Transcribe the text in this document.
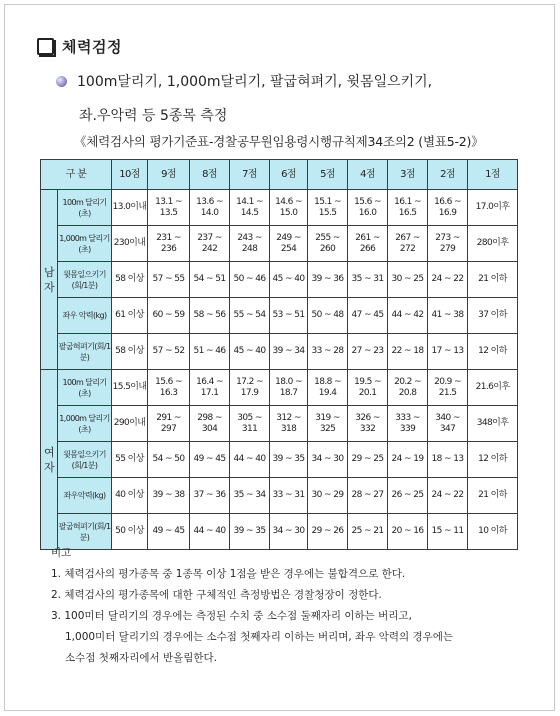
체력검정
100m달리기, 1,000m달리기, 팔굽혀펴기, 윗몸일으키기,
좌.우악력 등 5종목 측정
《체력검사의 평가기준표-경찰공무원임용령시행규칙제34조의2 (별표5-2)》
구 분		10점	9점	8점	7점	6점	5점	4점	3점	2점	1점
남
자	100m 달리기(초)	13.0이내	13.1 ~ 13.5	13.6 ~ 14.0	14.1 ~ 14.5	14.6 ~ 15.0	15.1 ~ 15.5	15.6 ~ 16.0	16.1 ~ 16.5	16.6 ~ 16.9	17.0이후
	1,000m 달리기(초)	230이내	231 ~ 236	237 ~ 242	243 ~ 248	249 ~ 254	255 ~ 260	261 ~ 266	267 ~ 272	273 ~ 279	280이후
	윗몸일으키기(회/1분)	58 이상	57 ~ 55	54 ~ 51	50 ~ 46	45 ~ 40	39 ~ 36	35 ~ 31	30 ~ 25	24 ~ 22	21 이하
	좌우 악력(kg)	61 이상	60 ~ 59	58 ~ 56	55 ~ 54	53 ~ 51	50 ~ 48	47 ~ 45	44 ~ 42	41 ~ 38	37 이하
	팔굽혀펴기(회/1분)	58 이상	57 ~ 52	51 ~ 46	45 ~ 40	39 ~ 34	33 ~ 28	27 ~ 23	22 ~ 18	17 ~ 13	12 이하
여
자	100m 달리기(초)	15.5이내	15.6 ~ 16.3	16.4 ~ 17.1	17.2 ~ 17.9	18.0 ~ 18.7	18.8 ~ 19.4	19.5 ~ 20.1	20.2 ~ 20.8	20.9 ~ 21.5	21.6이후
	1,000m 달리기(초)	290이내	291 ~ 297	298 ~ 304	305 ~ 311	312 ~ 318	319 ~ 325	326 ~ 332	333 ~ 339	340 ~ 347	348이후
	윗몸일으키기(회/1분)	55 이상	54 ~ 50	49 ~ 45	44 ~ 40	39 ~ 35	34 ~ 30	29 ~ 25	24 ~ 19	18 ~ 13	12 이하
	좌우악력(kg)	40 이상	39 ~ 38	37 ~ 36	35 ~ 34	33 ~ 31	30 ~ 29	28 ~ 27	26 ~ 25	24 ~ 22	21 이하
	팔굽혀펴기(회/1분)	50 이상	49 ~ 45	44 ~ 40	39 ~ 35	34 ~ 30	29 ~ 26	25 ~ 21	20 ~ 16	15 ~ 11	10 이하
비고
1. 체력검사의 평가종목 중 1종목 이상 1점을 받은 경우에는 불합격으로 한다.
2. 체력검사의 평가종목에 대한 구체적인 측정방법은 경찰청장이 정한다.
3. 100미터 달리기의 경우에는 측정된 수치 중 소수점 둘째자리 이하는 버리고,
1,000미터 달리기의 경우에는 소수점 첫째자리 이하는 버리며, 좌우 악력의 경우에는
소수점 첫째자리에서 반올림한다.
